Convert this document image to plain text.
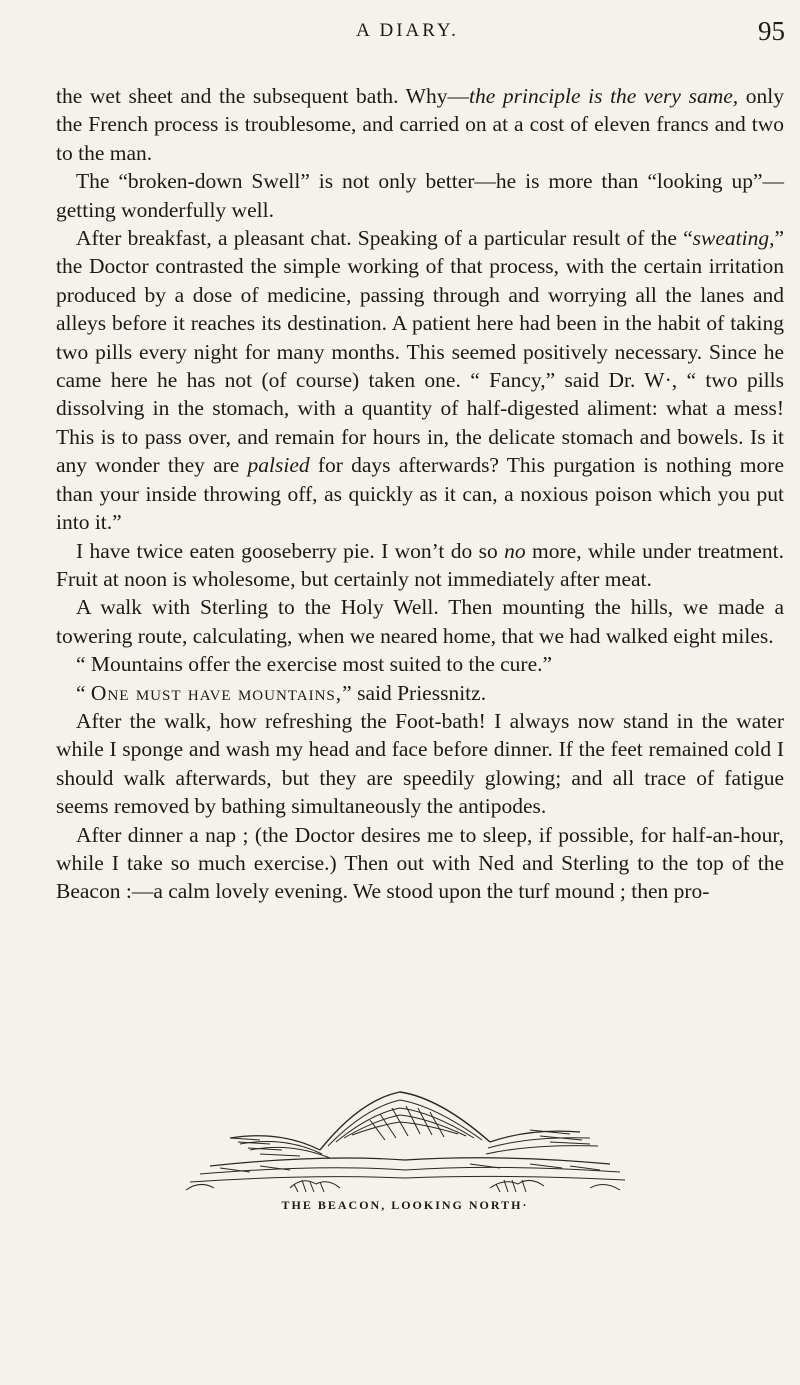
A DIARY.	95

the wet sheet and the subsequent bath. Why—the principle is the very same, only the French process is troublesome, and carried on at a cost of eleven francs and two to the man.

The “broken-down Swell” is not only better—he is more than “looking up”—getting wonderfully well.

After breakfast, a pleasant chat. Speaking of a particular result of the “sweating,” the Doctor contrasted the simple working of that process, with the certain irritation produced by a dose of medicine, passing through and worrying all the lanes and alleys before it reaches its destination. A patient here had been in the habit of taking two pills every night for many months. This seemed positively necessary. Since he came here he has not (of course) taken one. “ Fancy,” said Dr. W·, “ two pills dissolving in the stomach, with a quantity of half-digested aliment: what a mess! This is to pass over, and remain for hours in, the delicate stomach and bowels. Is it any wonder they are palsied for days afterwards? This purgation is nothing more than your inside throwing off, as quickly as it can, a noxious poison which you put into it.”

I have twice eaten gooseberry pie. I won’t do so no more, while under treatment. Fruit at noon is wholesome, but certainly not immediately after meat.

A walk with Sterling to the Holy Well. Then mounting the hills, we made a towering route, calculating, when we neared home, that we had walked eight miles.

“ Mountains offer the exercise most suited to the cure.”

“ One must have mountains,” said Priessnitz.

After the walk, how refreshing the Foot-bath! I always now stand in the water while I sponge and wash my head and face before dinner. If the feet remained cold I should walk afterwards, but they are speedily glowing; and all trace of fatigue seems removed by bathing simultaneously the antipodes.

After dinner a nap ; (the Doctor desires me to sleep, if possible, for half-an-hour, while I take so much exercise.) Then out with Ned and Sterling to the top of the Beacon :—a calm lovely evening. We stood upon the turf mound ; then pro-

THE BEACON, LOOKING NORTH·
